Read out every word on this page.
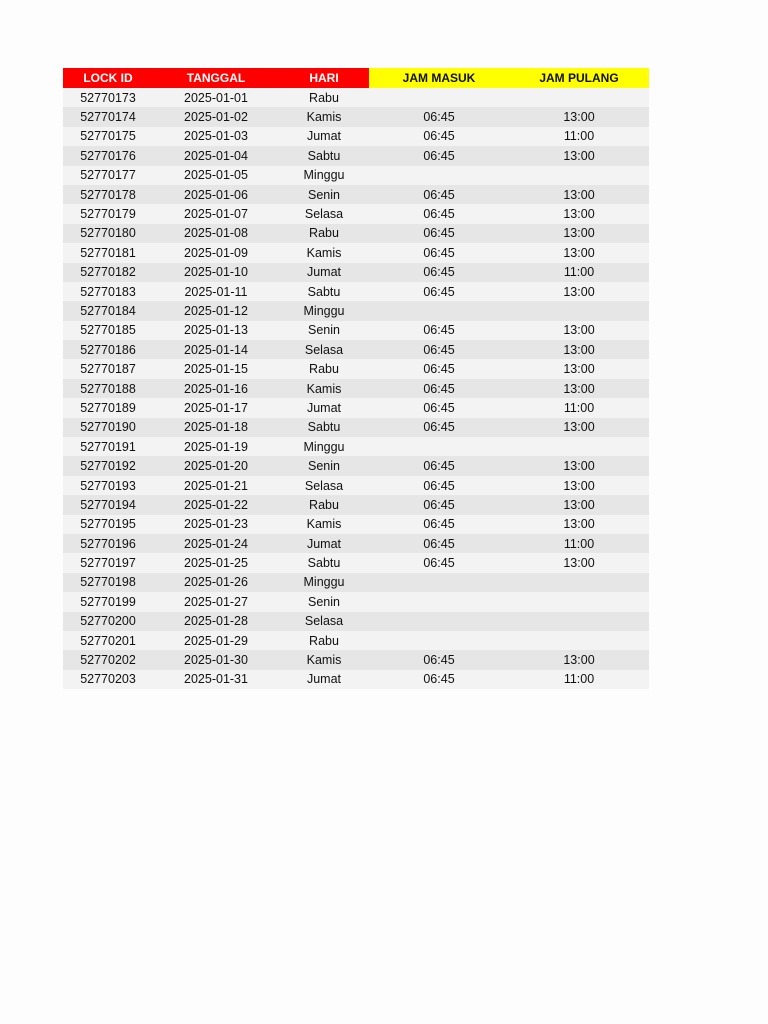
LOCK ID	TANGGAL	HARI	JAM MASUK	JAM PULANG
52770173	2025-01-01	Rabu
52770174	2025-01-02	Kamis	06:45	13:00
52770175	2025-01-03	Jumat	06:45	11:00
52770176	2025-01-04	Sabtu	06:45	13:00
52770177	2025-01-05	Minggu
52770178	2025-01-06	Senin	06:45	13:00
52770179	2025-01-07	Selasa	06:45	13:00
52770180	2025-01-08	Rabu	06:45	13:00
52770181	2025-01-09	Kamis	06:45	13:00
52770182	2025-01-10	Jumat	06:45	11:00
52770183	2025-01-11	Sabtu	06:45	13:00
52770184	2025-01-12	Minggu
52770185	2025-01-13	Senin	06:45	13:00
52770186	2025-01-14	Selasa	06:45	13:00
52770187	2025-01-15	Rabu	06:45	13:00
52770188	2025-01-16	Kamis	06:45	13:00
52770189	2025-01-17	Jumat	06:45	11:00
52770190	2025-01-18	Sabtu	06:45	13:00
52770191	2025-01-19	Minggu
52770192	2025-01-20	Senin	06:45	13:00
52770193	2025-01-21	Selasa	06:45	13:00
52770194	2025-01-22	Rabu	06:45	13:00
52770195	2025-01-23	Kamis	06:45	13:00
52770196	2025-01-24	Jumat	06:45	11:00
52770197	2025-01-25	Sabtu	06:45	13:00
52770198	2025-01-26	Minggu
52770199	2025-01-27	Senin
52770200	2025-01-28	Selasa
52770201	2025-01-29	Rabu
52770202	2025-01-30	Kamis	06:45	13:00
52770203	2025-01-31	Jumat	06:45	11:00
